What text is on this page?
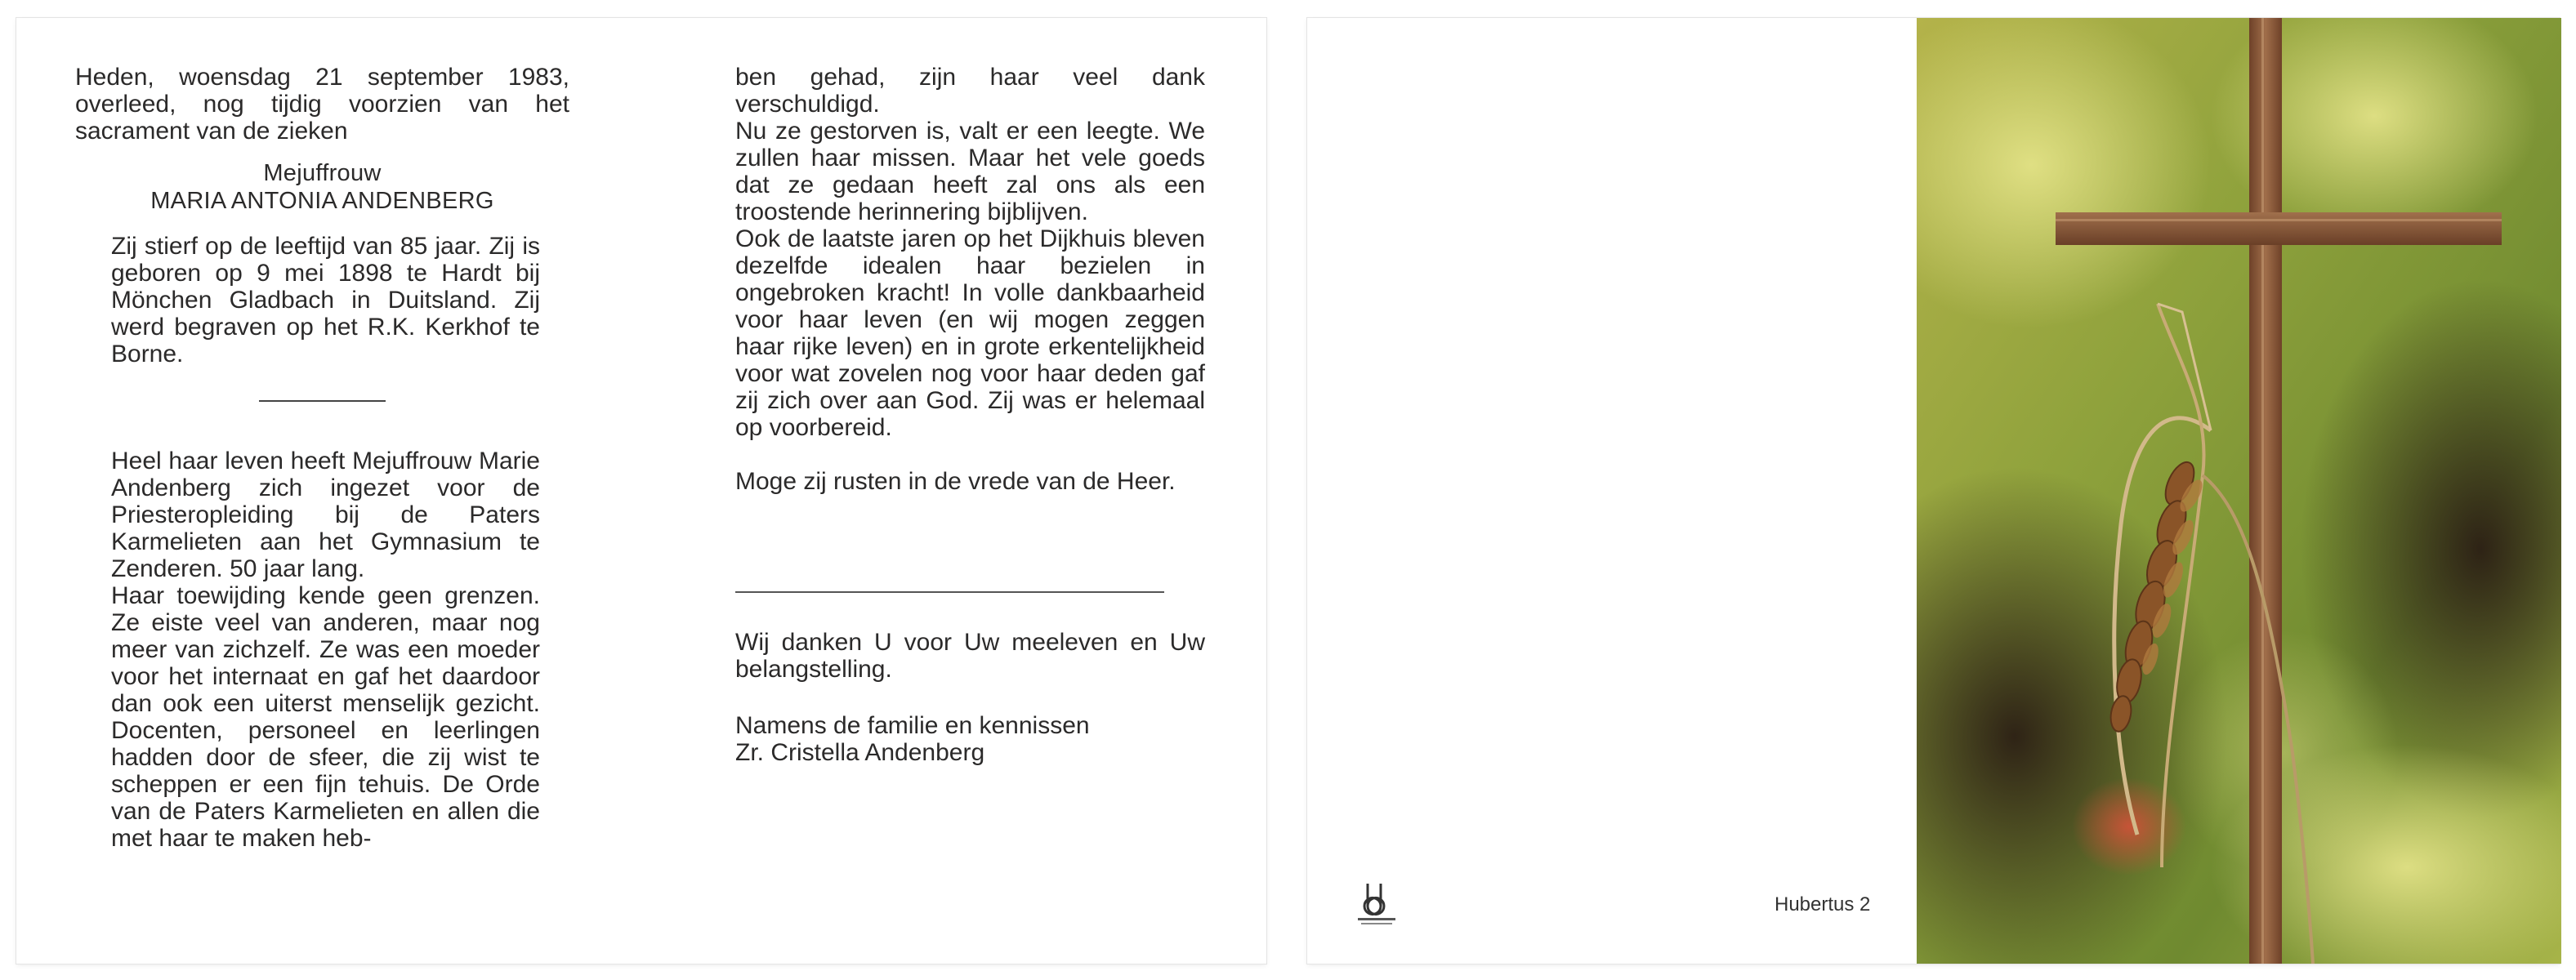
Heden, woensdag 21 september 1983, overleed, nog tijdig voorzien van het sacrament van de zieken

Mejuffrouw
MARIA ANTONIA ANDENBERG

Zij stierf op de leeftijd van 85 jaar. Zij is geboren op 9 mei 1898 te Hardt bij Mönchen Gladbach in Duitsland. Zij werd begraven op het R.K. Kerkhof te Borne.

Heel haar leven heeft Mejuffrouw Marie Andenberg zich ingezet voor de Priesteropleiding bij de Paters Karmelieten aan het Gymnasium te Zenderen. 50 jaar lang.

Haar toewijding kende geen grenzen. Ze eiste veel van anderen, maar nog meer van zichzelf. Ze was een moeder voor het internaat en gaf het daardoor dan ook een uiterst menselijk gezicht. Docenten, personeel en leerlingen hadden door de sfeer, die zij wist te scheppen er een fijn tehuis. De Orde van de Paters Karmelieten en allen die met haar te maken heb-

ben gehad, zijn haar veel dank verschuldigd.

Nu ze gestorven is, valt er een leegte. We zullen haar missen. Maar het vele goeds dat ze gedaan heeft zal ons als een troostende herinnering bijblijven.

Ook de laatste jaren op het Dijkhuis bleven dezelfde idealen haar bezielen in ongebroken kracht! In volle dankbaarheid voor haar leven (en wij mogen zeggen haar rijke leven) en in grote erkentelijkheid voor wat zovelen nog voor haar deden gaf zij zich over aan God. Zij was er helemaal op voorbereid.

Moge zij rusten in de vrede van de Heer.

Wij danken U voor Uw meeleven en Uw belangstelling.

Namens de familie en kennissen

Zr. Cristella Andenberg

Hubertus 2
